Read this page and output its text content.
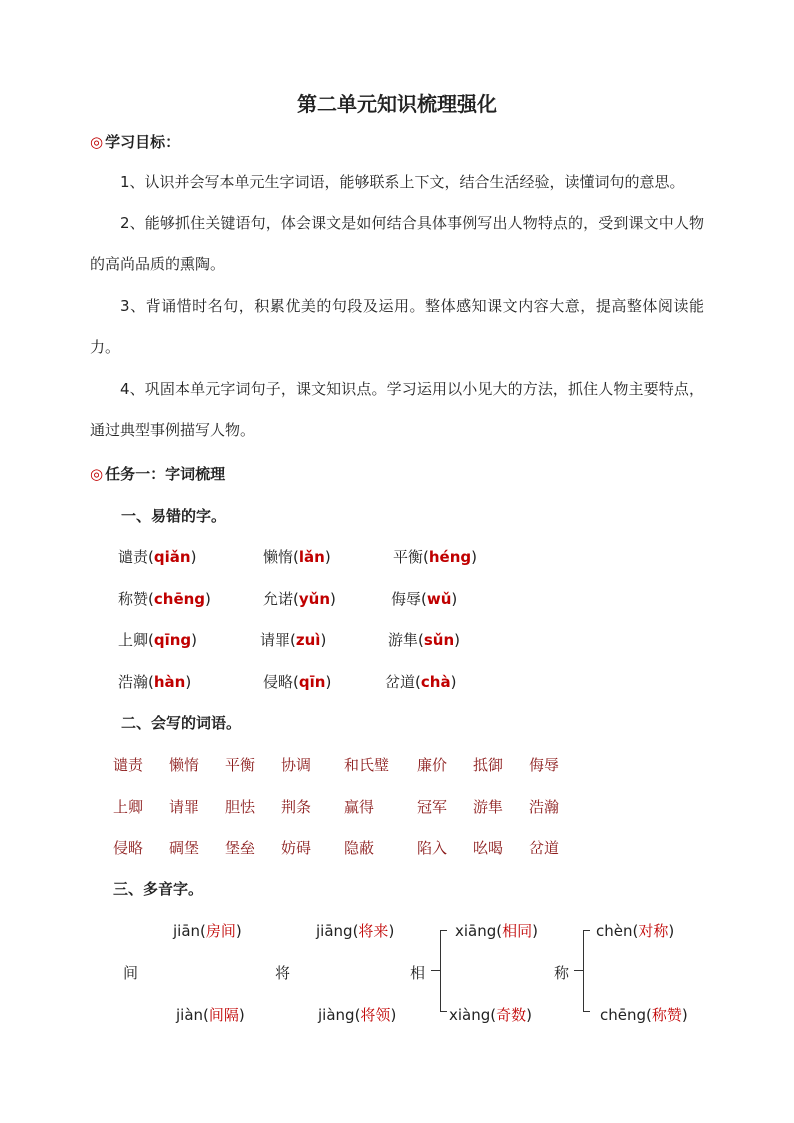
第二单元知识梳理强化
◎ 学习目标：
1、认识并会写本单元生字词语，能够联系上下文，结合生活经验，读懂词句的意思。
2、能够抓住关键语句，体会课文是如何结合具体事例写出人物特点的，受到课文中人物的高尚品质的熏陶。
3、背诵惜时名句，积累优美的句段及运用。整体感知课文内容大意，提高整体阅读能力。
4、巩固本单元字词句子，课文知识点。学习运用以小见大的方法，抓住人物主要特点，通过典型事例描写人物。
◎ 任务一：字词梳理
一、易错的字。
谴责(qiǎn)	懒惰(lǎn)	平衡(héng)
称赞(chēng)	允诺(yǔn)	侮辱(wǔ)
上卿(qīng)	请罪(zuì)	游隼(sǔn)
浩瀚(hàn)	侵略(qīn)	岔道(chà)
二、会写的词语。
谴责 懒惰 平衡 协调 和氏璧 廉价 抵御 侮辱
上卿 请罪 胆怯 荆条 赢得	冠军 游隼 浩瀚
侵略 碉堡 堡垒 妨碍 隐蔽	陷入 吆喝 岔道
三、多音字。
间
jiān(房间)
jiàn(间隔)
将
jiāng(将来)
jiàng(将领)
相
xiāng(相同)
xiàng(奇数)
称
chèn(对称)
chēng(称赞)
